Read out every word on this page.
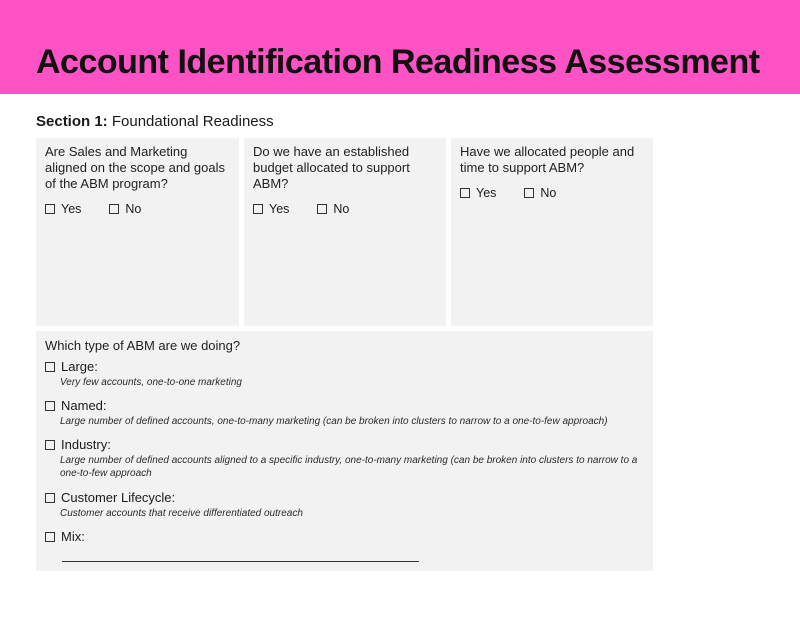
Account Identification Readiness Assessment
Section 1: Foundational Readiness
Are Sales and Marketing aligned on the scope and goals of the ABM program?
Yes	No
Do we have an established budget allocated to support ABM?
Yes	No
Have we allocated people and time to support ABM?
Yes	No
Which type of ABM are we doing?
Large:
Very few accounts, one-to-one marketing
Named:
Large number of defined accounts, one-to-many marketing (can be broken into clusters to narrow to a one-to-few approach)
Industry:
Large number of defined accounts aligned to a specific industry, one-to-many marketing (can be broken into clusters to narrow to a one-to-few approach
Customer Lifecycle:
Customer accounts that receive differentiated outreach
Mix:
